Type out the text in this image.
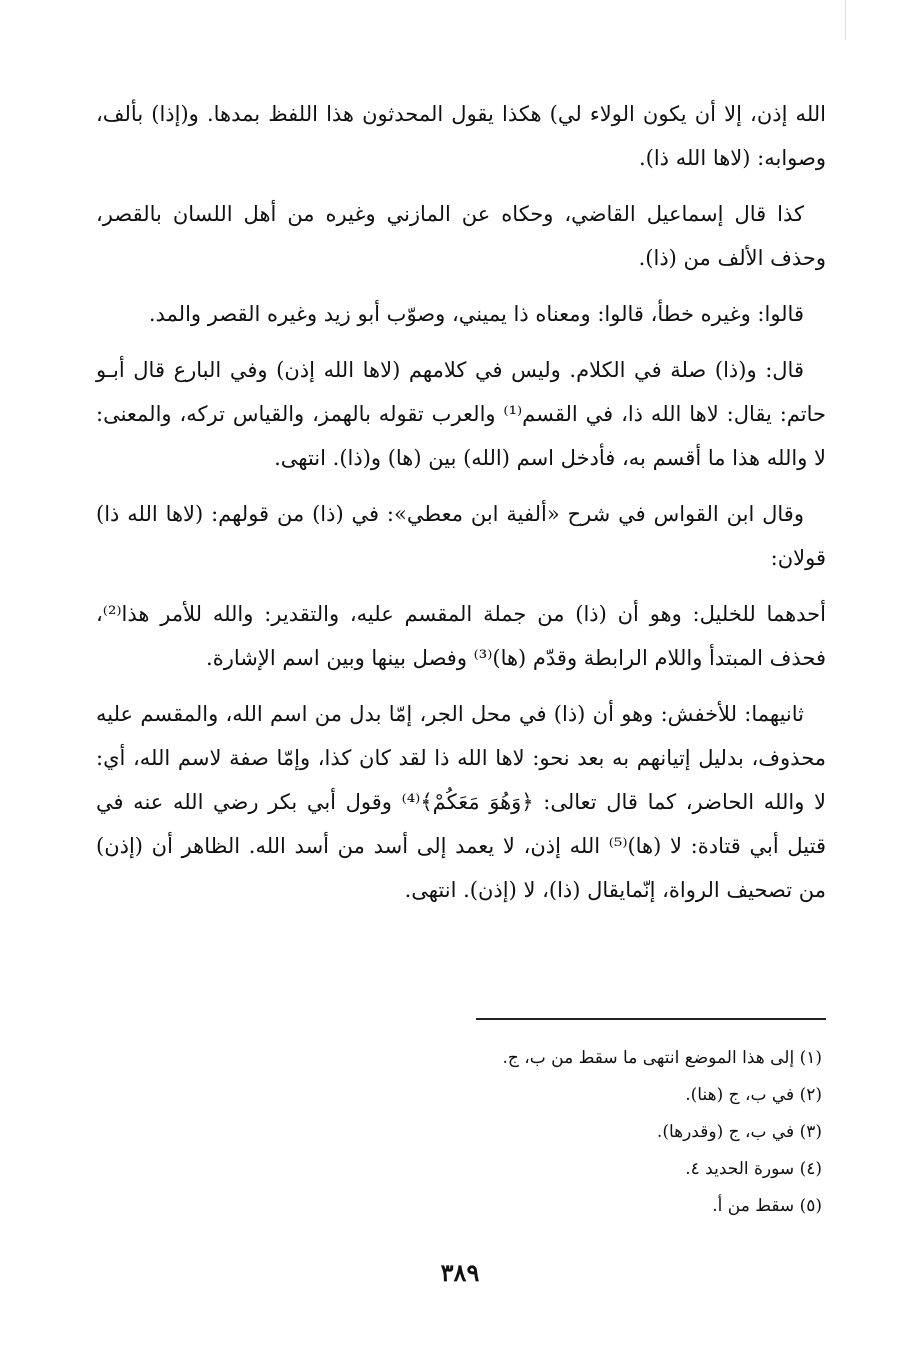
الله إذن، إلا أن يكون الولاء لي) هكذا يقول المحدثون هذا اللفظ بمدها. و(إذا) بألف، وصوابه: (لاها الله ذا).

كذا قال إسماعيل القاضي، وحكاه عن المازني وغيره من أهل اللسان بالقصر، وحذف الألف من (ذا).

قالوا: وغيره خطأ، قالوا: ومعناه ذا يميني، وصوّب أبو زيد وغيره القصر والمد.

قال: و(ذا) صلة في الكلام. وليس في كلامهم (لاها الله إذن) وفي البارع قال أبـو حاتم: يقال: لاها الله ذا، في القسم⁽¹⁾ والعرب تقوله بالهمز، والقياس تركه، والمعنى: لا والله هذا ما أقسم به، فأدخل اسم (الله) بين (ها) و(ذا). انتهى.

وقال ابن القواس في شرح «ألفية ابن معطي»: في (ذا) من قولهم: (لاها الله ذا) قولان:

أحدهما للخليل: وهو أن (ذا) من جملة المقسم عليه، والتقدير: والله للأمر هذا⁽²⁾، فحذف المبتدأ واللام الرابطة وقدّم (ها)⁽³⁾ وفصل بينها وبين اسم الإشارة.

ثانيهما: للأخفش: وهو أن (ذا) في محل الجر، إمّا بدل من اسم الله، والمقسم عليه محذوف، بدليل إتيانهم به بعد نحو: لاها الله ذا لقد كان كذا، وإمّا صفة لاسم الله، أي: لا والله الحاضر، كما قال تعالى: ﴿وَهُوَ مَعَكُمْ﴾⁽⁴⁾ وقول أبي بكر رضي الله عنه في قتيل أبي قتادة: لا (ها)⁽⁵⁾ الله إذن، لا يعمد إلى أسد من أسد الله. الظاهر أن (إذن) من تصحيف الرواة، إنّمايقال (ذا)، لا (إذن). انتهى.

(١) إلى هذا الموضع انتهى ما سقط من ب، ج.

(٢) في ب، ج (هنا).

(٣) في ب، ج (وقدرها).

(٤) سورة الحديد ٤.

(٥) سقط من أ.

٣٨٩
